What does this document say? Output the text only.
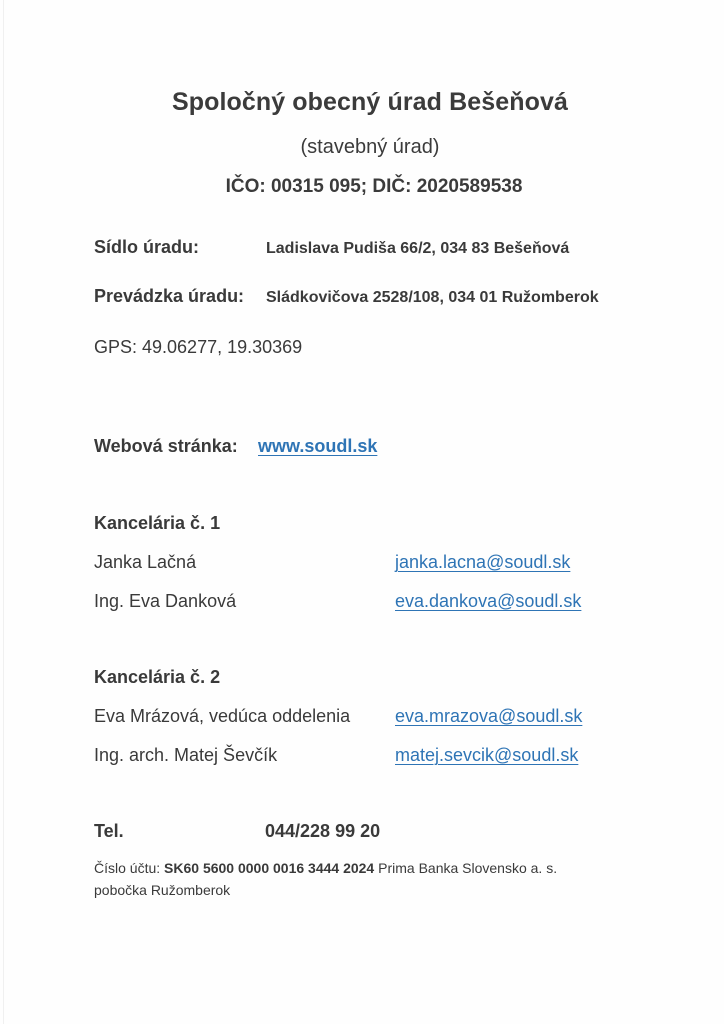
Spoločný obecný úrad Bešeňová
(stavebný úrad)
IČO: 00315 095; DIČ: 2020589538
Sídlo úradu:	Ladislava Pudiša 66/2, 034 83 Bešeňová
Prevádzka úradu: Sládkovičova 2528/108, 034 01 Ružomberok
GPS: 49.06277, 19.30369
Webová stránka: www.soudl.sk
Kancelária č. 1
Janka Lačná	janka.lacna@soudl.sk
Ing. Eva Danková	eva.dankova@soudl.sk
Kancelária č. 2
Eva Mrázová, vedúca oddelenia eva.mrazova@soudl.sk
Ing. arch. Matej Ševčík	matej.sevcik@soudl.sk
Tel.	044/228 99 20
Číslo účtu: SK60 5600 0000 0016 3444 2024 Prima Banka Slovensko a. s.
pobočka Ružomberok
